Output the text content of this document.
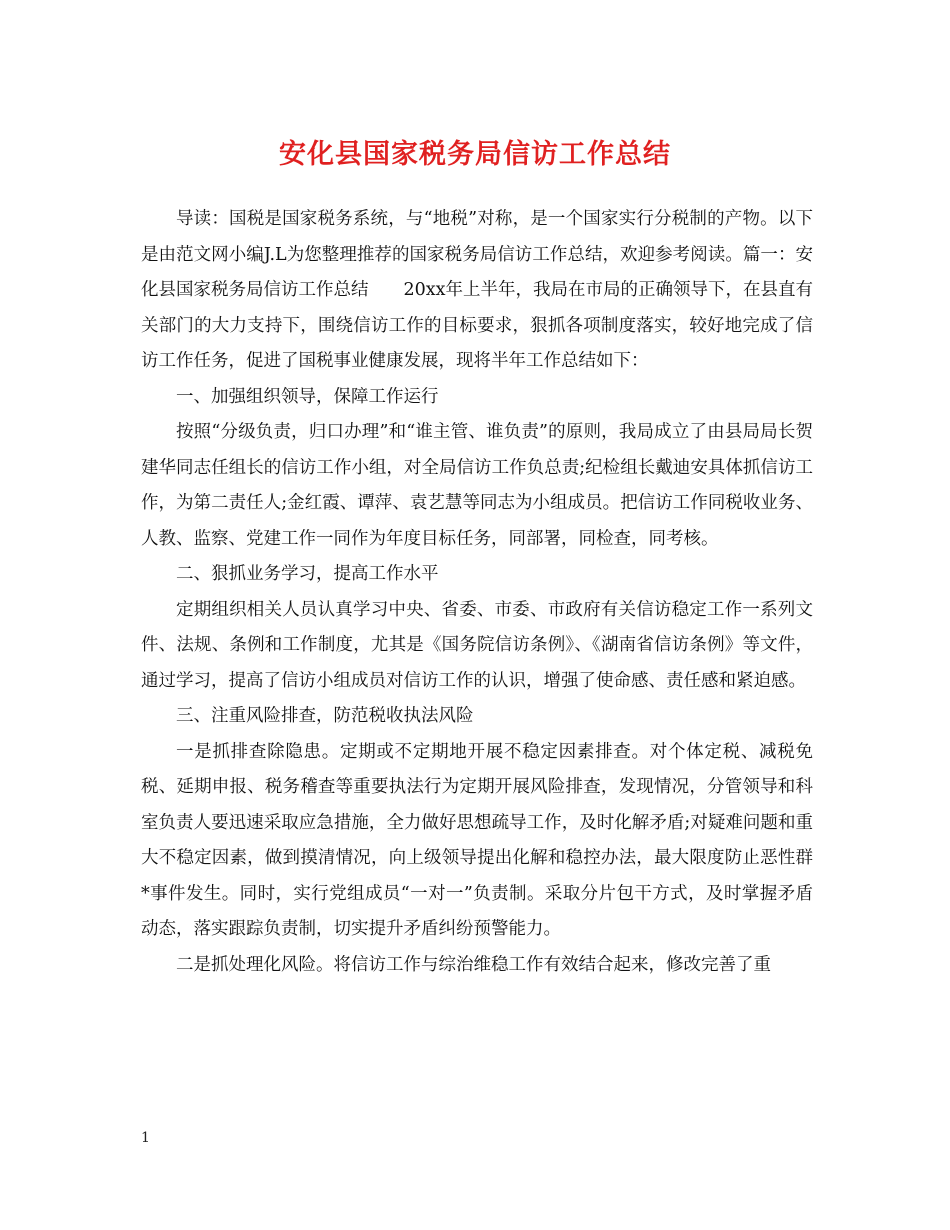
安化县国家税务局信访工作总结

导读：国税是国家税务系统，与“地税”对称，是一个国家实行分税制的产物。以下是由范文网小编J.L为您整理推荐的国家税务局信访工作总结，欢迎参考阅读。篇一：安化县国家税务局信访工作总结　　20xx年上半年，我局在市局的正确领导下，在县直有关部门的大力支持下，围绕信访工作的目标要求，狠抓各项制度落实，较好地完成了信访工作任务，促进了国税事业健康发展，现将半年工作总结如下：

一、加强组织领导，保障工作运行

按照“分级负责，归口办理”和“谁主管、谁负责”的原则，我局成立了由县局局长贺建华同志任组长的信访工作小组，对全局信访工作负总责;纪检组长戴迪安具体抓信访工作，为第二责任人;金红霞、谭萍、袁艺慧等同志为小组成员。把信访工作同税收业务、人教、监察、党建工作一同作为年度目标任务，同部署，同检查，同考核。

二、狠抓业务学习，提高工作水平

定期组织相关人员认真学习中央、省委、市委、市政府有关信访稳定工作一系列文件、法规、条例和工作制度，尤其是《国务院信访条例》、《湖南省信访条例》等文件，通过学习，提高了信访小组成员对信访工作的认识，增强了使命感、责任感和紧迫感。

三、注重风险排查，防范税收执法风险

一是抓排查除隐患。定期或不定期地开展不稳定因素排查。对个体定税、减税免税、延期申报、税务稽查等重要执法行为定期开展风险排查，发现情况，分管领导和科室负责人要迅速采取应急措施，全力做好思想疏导工作，及时化解矛盾;对疑难问题和重大不稳定因素，做到摸清情况，向上级领导提出化解和稳控办法，最大限度防止恶性群*事件发生。同时，实行党组成员“一对一”负责制。采取分片包干方式，及时掌握矛盾动态，落实跟踪负责制，切实提升矛盾纠纷预警能力。

二是抓处理化风险。将信访工作与综治维稳工作有效结合起来，修改完善了重

1
